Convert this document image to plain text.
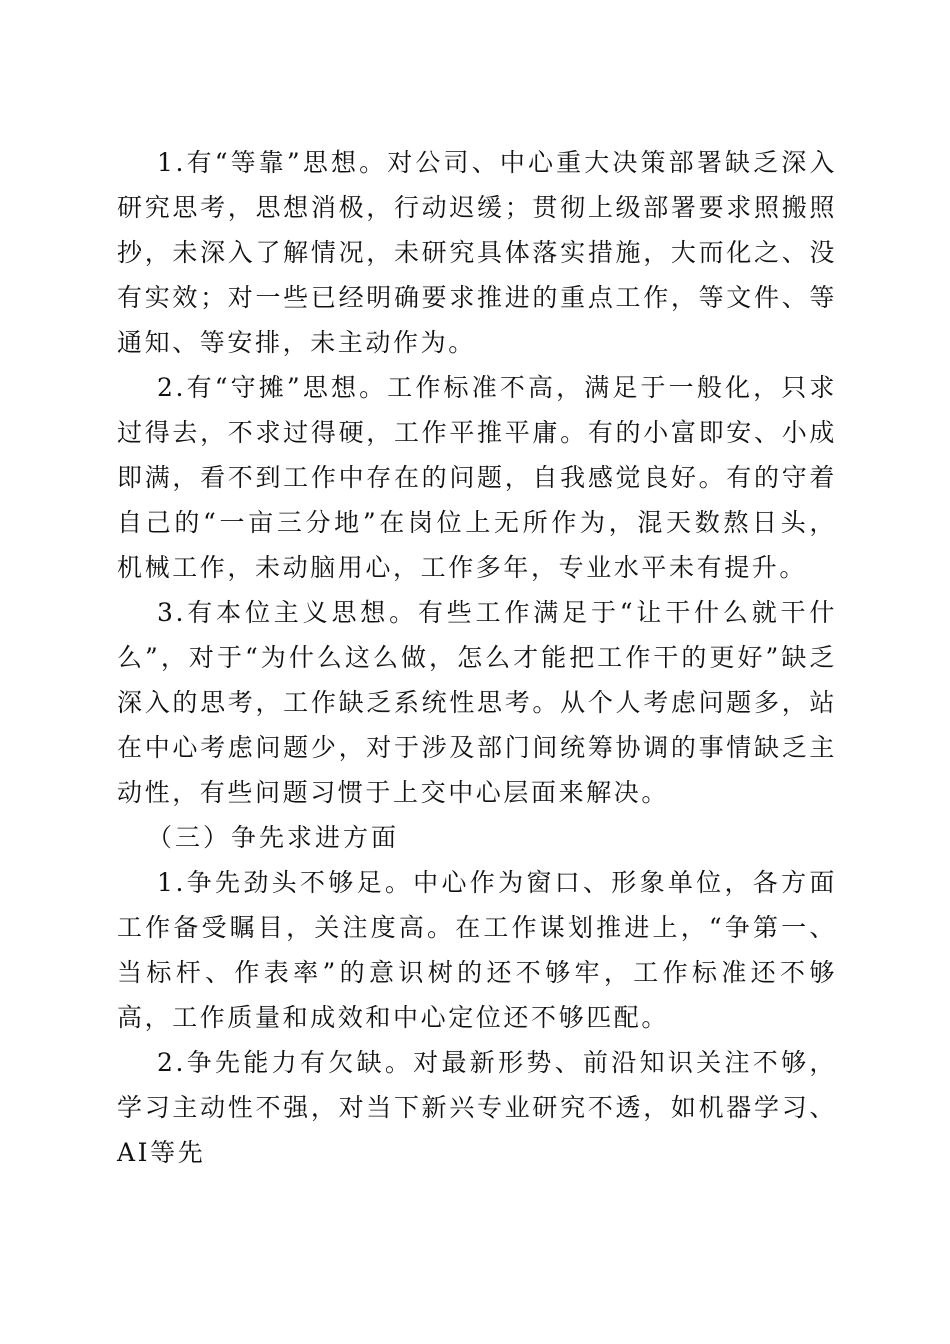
1.有“等靠”思想。对公司、中心重大决策部署缺乏深入研究思考，思想消极，行动迟缓；贯彻上级部署要求照搬照抄，未深入了解情况，未研究具体落实措施，大而化之、没有实效；对一些已经明确要求推进的重点工作，等文件、等通知、等安排，未主动作为。

2.有“守摊”思想。工作标准不高，满足于一般化，只求过得去，不求过得硬，工作平推平庸。有的小富即安、小成即满，看不到工作中存在的问题，自我感觉良好。有的守着自己的“一亩三分地”在岗位上无所作为，混天数熬日头，机械工作，未动脑用心，工作多年，专业水平未有提升。

3.有本位主义思想。有些工作满足于“让干什么就干什么”，对于“为什么这么做，怎么才能把工作干的更好”缺乏深入的思考，工作缺乏系统性思考。从个人考虑问题多，站在中心考虑问题少，对于涉及部门间统筹协调的事情缺乏主动性，有些问题习惯于上交中心层面来解决。

（三）争先求进方面

1.争先劲头不够足。中心作为窗口、形象单位，各方面工作备受瞩目，关注度高。在工作谋划推进上，“争第一、当标杆、作表率”的意识树的还不够牢，工作标准还不够高，工作质量和成效和中心定位还不够匹配。

2.争先能力有欠缺。对最新形势、前沿知识关注不够，学习主动性不强，对当下新兴专业研究不透，如机器学习、AI等先
